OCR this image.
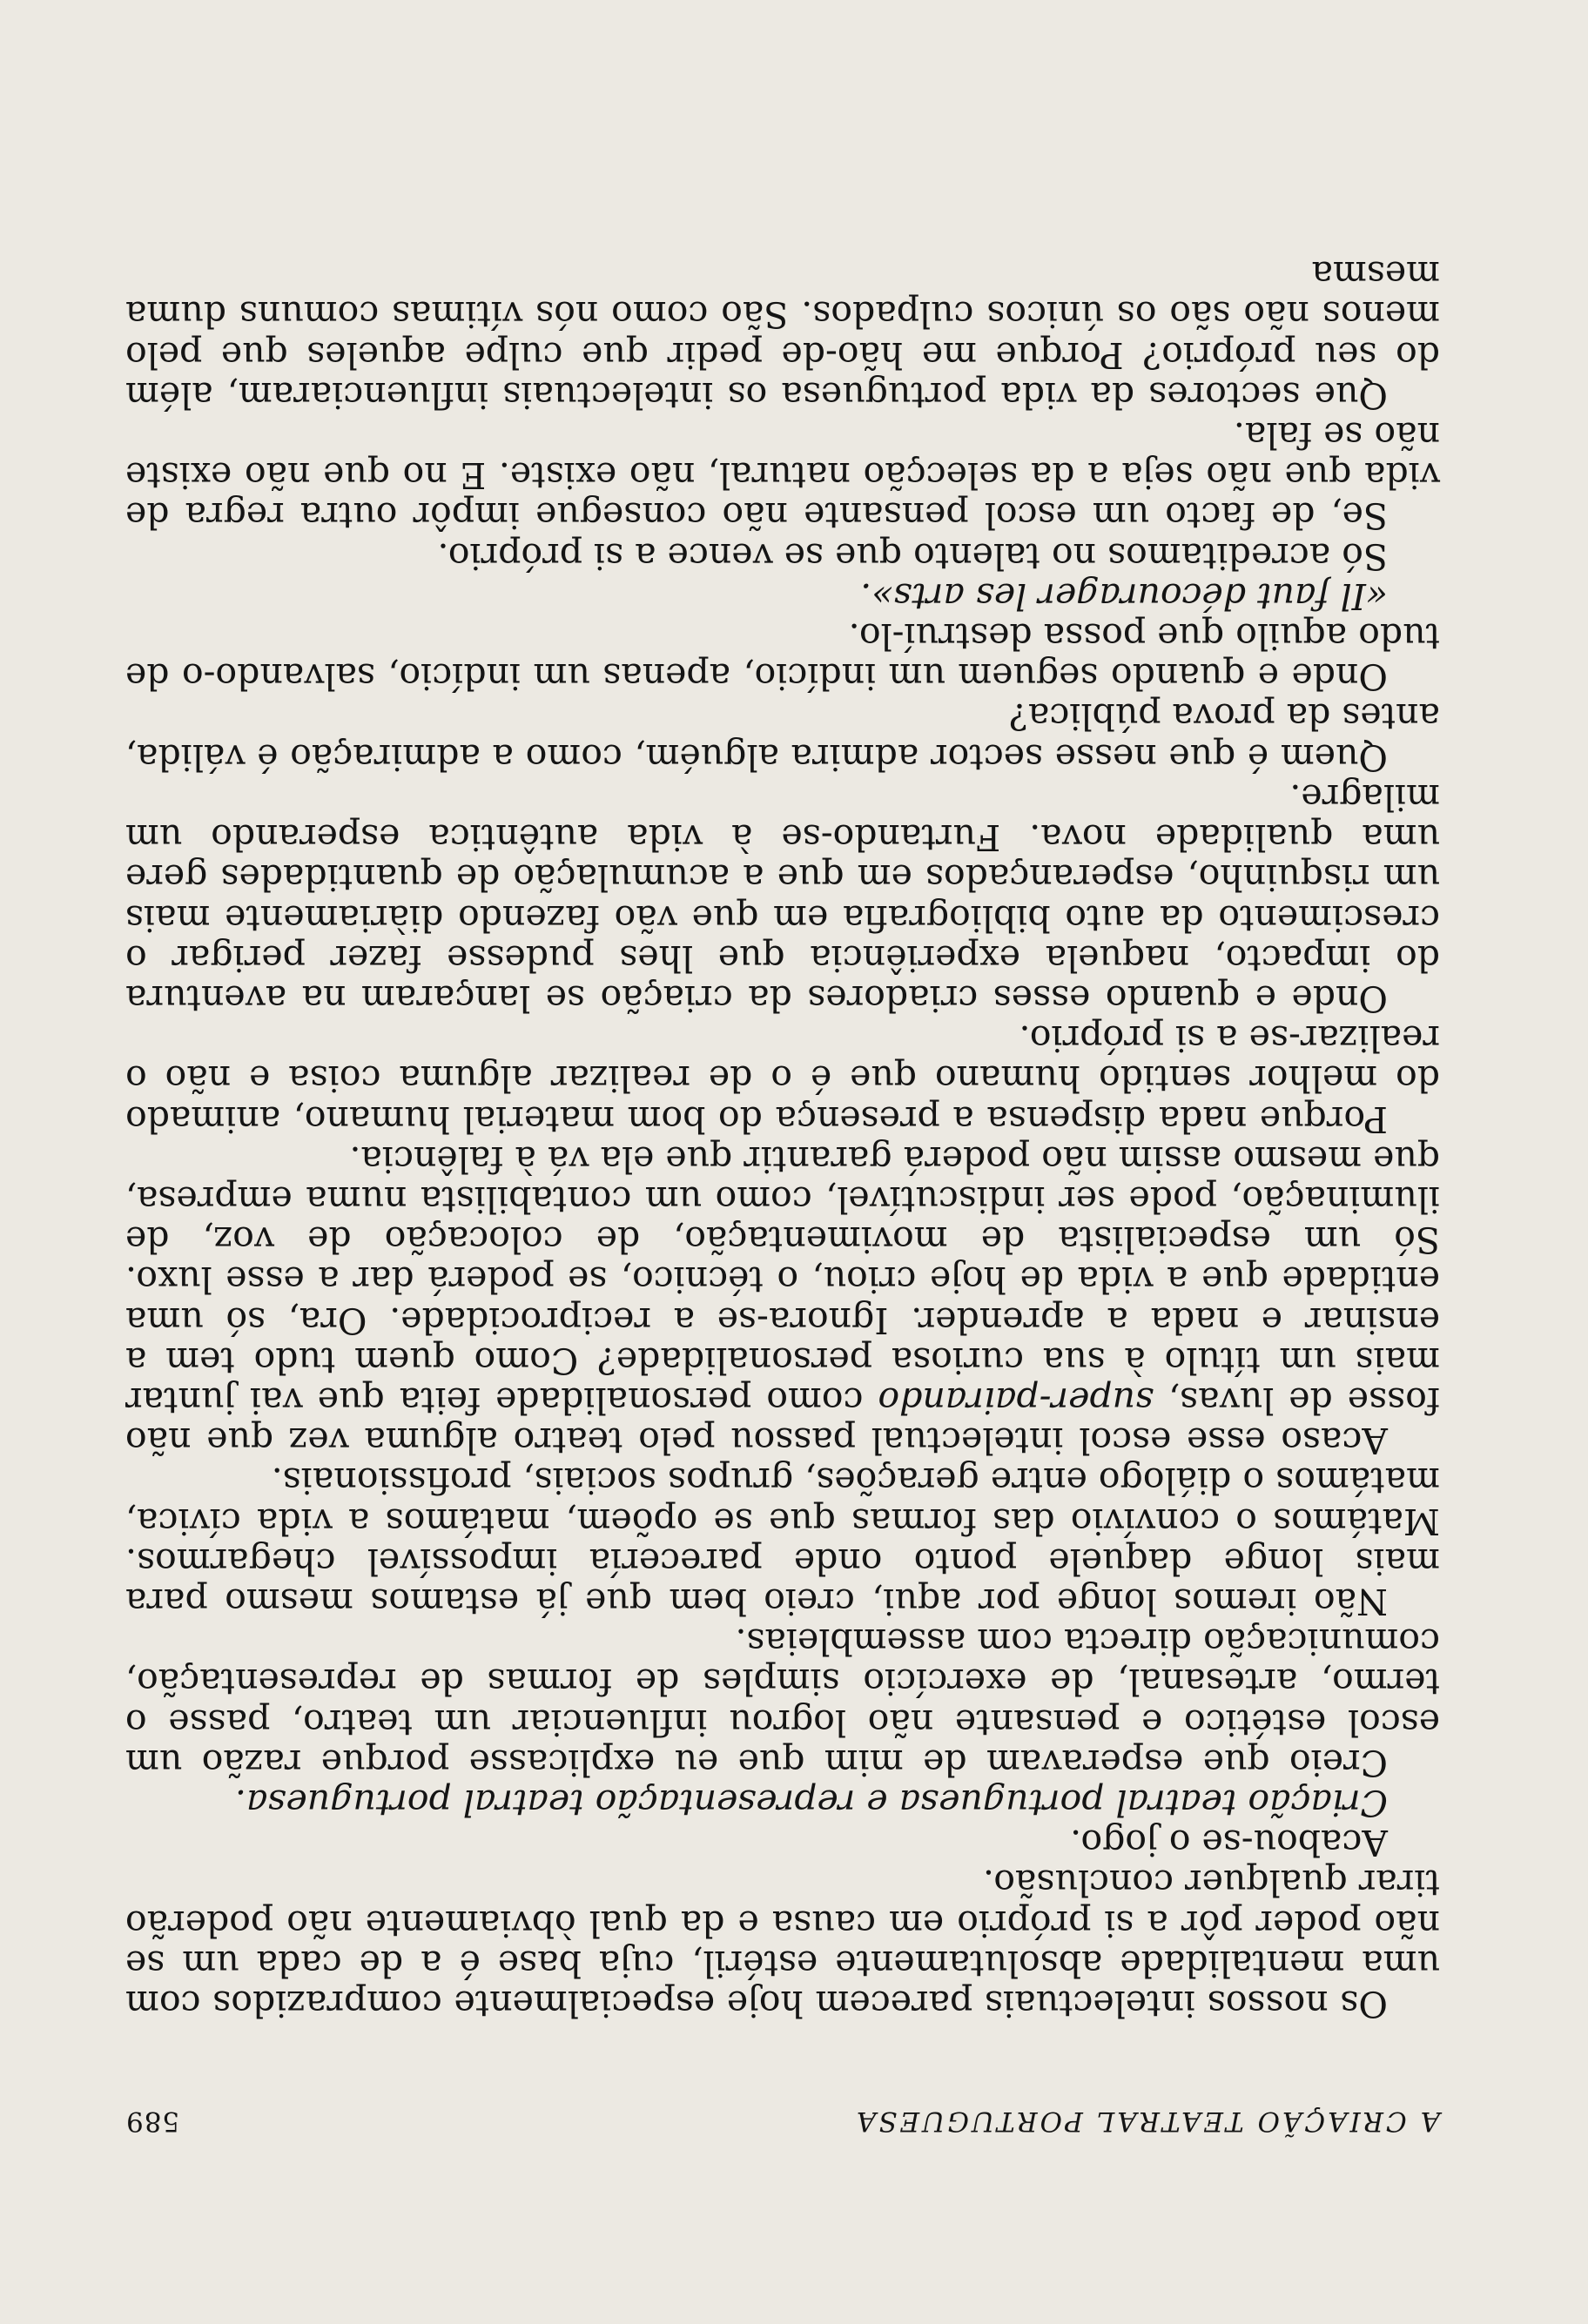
A CRIAÇÃO TEATRAL PORTUGUESA
589

Os nossos intelectuais parecem hoje especialmente comprazidos com uma mentalidade absolutamente estéril, cuja base é a de cada um se não poder pôr a si próprio em causa e da qual òbviamente não poderão tirar qualquer conclusão.

Acabou-se o jogo.

Criação teatral portuguesa e representação teatral portuguesa.

Creio que esperavam de mim que eu explicasse porque razão um escol estético e pensante não logrou influenciar um teatro, passe o termo, artesanal, de exercício simples de formas de representação, comunicação directa com assembleias.

Não iremos longe por aqui, creio bem que já estamos mesmo para mais longe daquele ponto onde parecería impossível chegarmos. Matámos o convívio das formas que se opõem, matámos a vida cívica, matámos o diálogo entre gerações, grupos sociais, profissionais.

Acaso esse escol intelectual passou pelo teatro alguma vez que não fosse de luvas, super-pairando como personalidade feita que vai juntar mais um título à sua curiosa personalidade? Como quem tudo tem a ensinar e nada a aprender. Ignora-se a reciprocidade. Ora, só uma entidade que a vida de hoje criou, o técnico, se poderá dar a esse luxo. Só um especialista de movimentação, de colocação de voz, de iluminação, pode ser indiscutível, como um contabilista numa empresa, que mesmo assim não poderá garantir que ela vá à falência.

Porque nada dispensa a presença do bom material humano, animado do melhor sentido humano que é o de realizar alguma coisa e não o realizar-se a si próprio.

Onde e quando esses criadores da criação se lançaram na aventura do impacto, naquela experiência que lhes pudesse fazer perigar o crescimento da auto bibliografia em que vão fazendo diàriamente mais um risquinho, esperançados em que a acumulação de quantidades gere uma qualidade nova. Furtando-se à vida autêntica esperando um milagre.

Quem é que nesse sector admira alguém, como a admiração é válida, antes da prova pública?

Onde e quando seguem um indício, apenas um indício, salvando-o de tudo aquilo que possa destruí-lo.

«Il faut décourager les arts».

Só acreditamos no talento que se vence a si próprio.

Se, de facto um escol pensante não consegue impôr outra regra de vida que não seja a da selecção natural, não existe. E no que não existe não se fala.

Que sectores da vida portuguesa os intelectuais influenciaram, além do seu próprio? Porque me hão-de pedir que culpe aqueles que pelo menos não são os únicos culpados. São como nós vítimas comuns duma mesma
